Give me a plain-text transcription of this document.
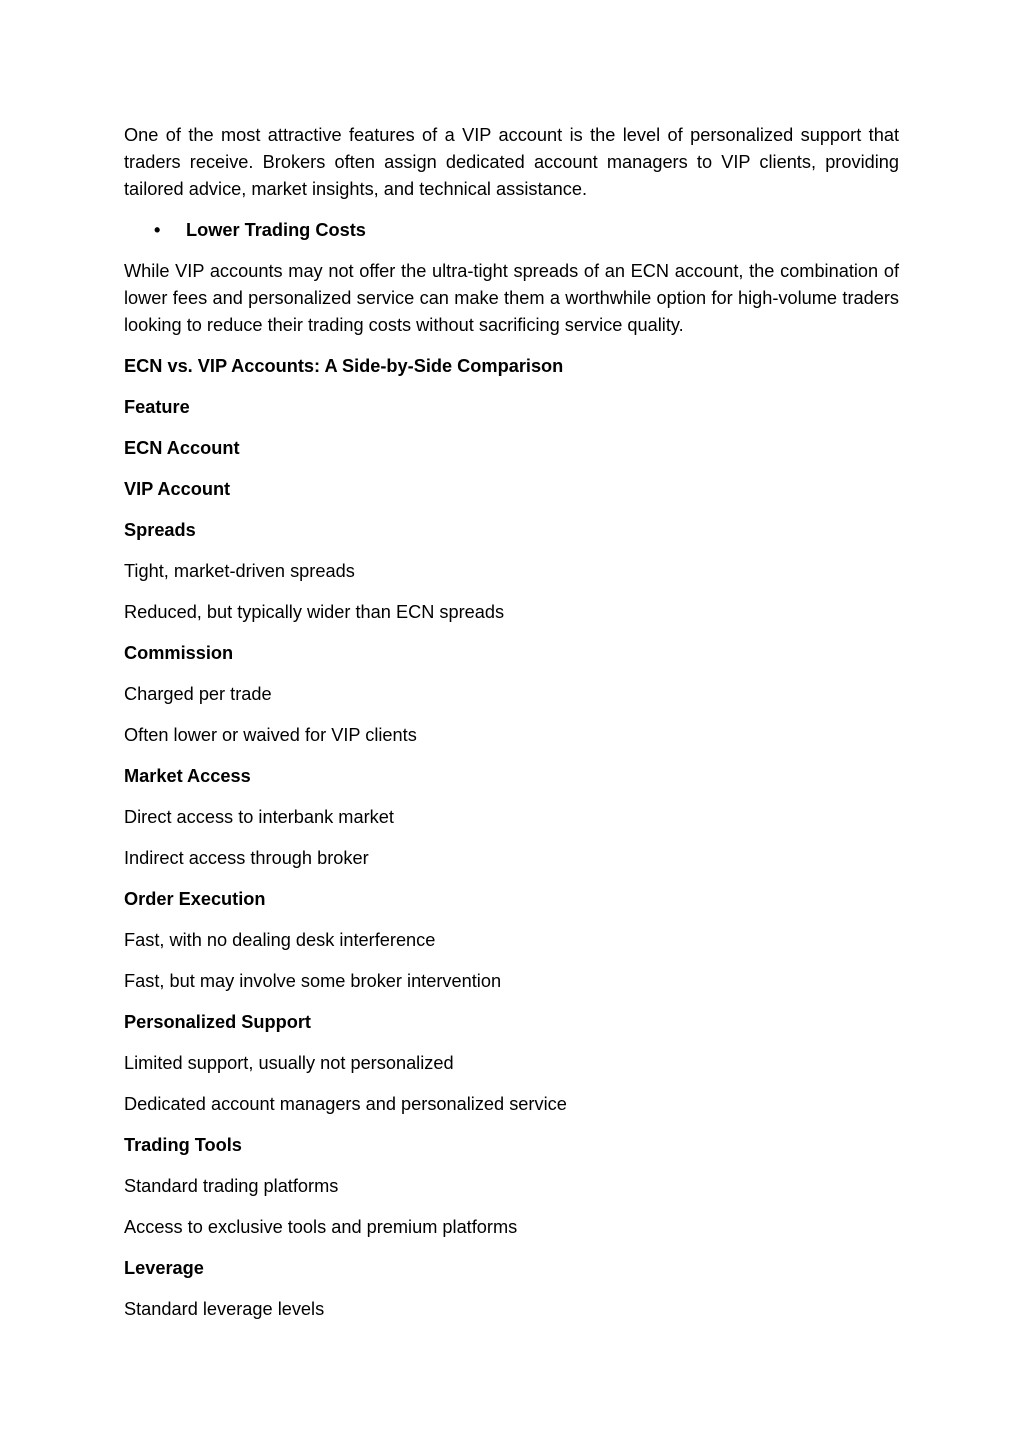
One of the most attractive features of a VIP account is the level of personalized support that traders receive. Brokers often assign dedicated account managers to VIP clients, providing tailored advice, market insights, and technical assistance.

• Lower Trading Costs

While VIP accounts may not offer the ultra-tight spreads of an ECN account, the combination of lower fees and personalized service can make them a worthwhile option for high-volume traders looking to reduce their trading costs without sacrificing service quality.

ECN vs. VIP Accounts: A Side-by-Side Comparison
Feature
ECN Account
VIP Account
Spreads
Tight, market-driven spreads
Reduced, but typically wider than ECN spreads
Commission
Charged per trade
Often lower or waived for VIP clients
Market Access
Direct access to interbank market
Indirect access through broker
Order Execution
Fast, with no dealing desk interference
Fast, but may involve some broker intervention
Personalized Support
Limited support, usually not personalized
Dedicated account managers and personalized service
Trading Tools
Standard trading platforms
Access to exclusive tools and premium platforms
Leverage
Standard leverage levels
